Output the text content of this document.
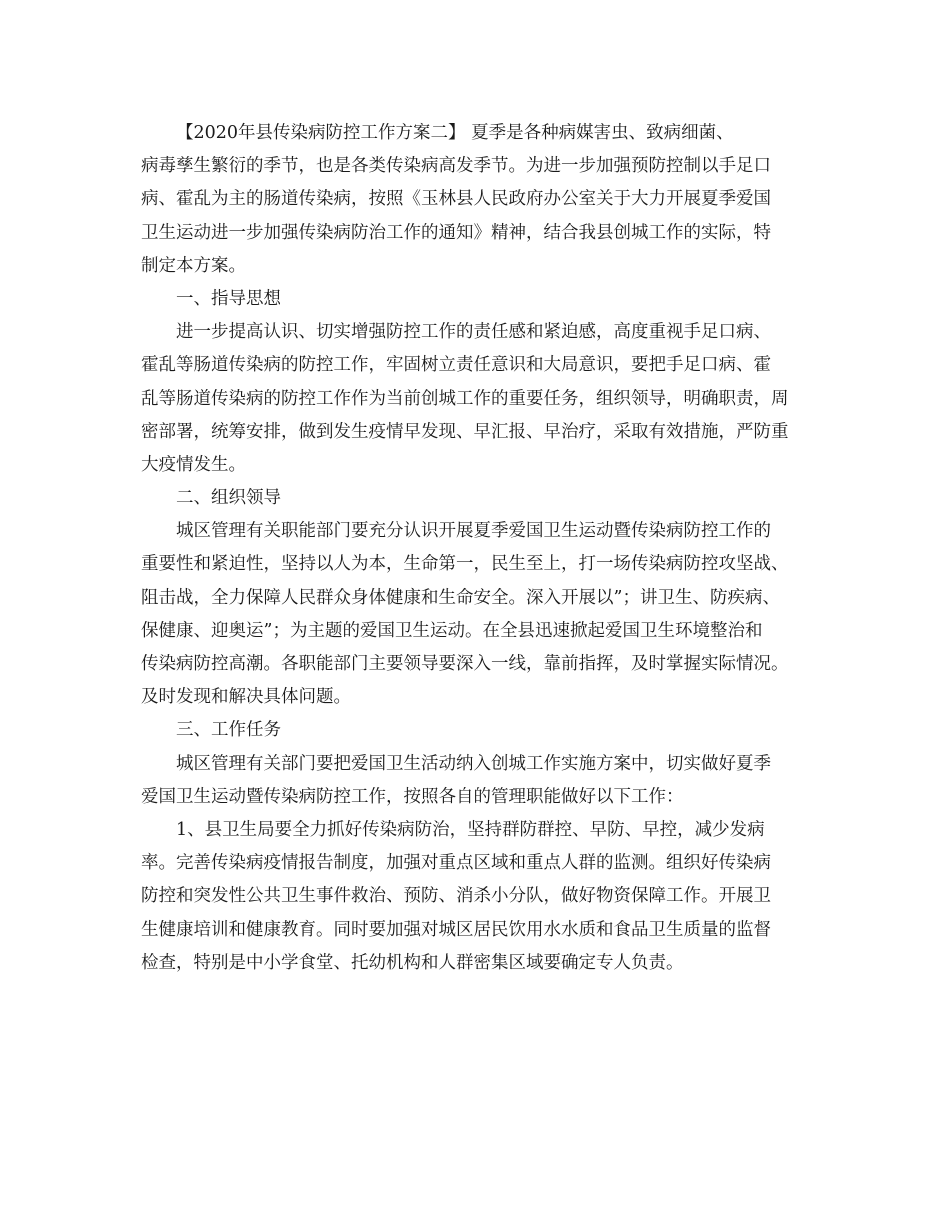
【2020年县传染病防控工作方案二】 夏季是各种病媒害虫、致病细菌、
病毒孳生繁衍的季节，也是各类传染病高发季节。为进一步加强预防控制以手足口
病、霍乱为主的肠道传染病，按照《玉林县人民政府办公室关于大力开展夏季爱国
卫生运动进一步加强传染病防治工作的通知》精神，结合我县创城工作的实际，特
制定本方案。
一、指导思想
进一步提高认识、切实增强防控工作的责任感和紧迫感，高度重视手足口病、
霍乱等肠道传染病的防控工作，牢固树立责任意识和大局意识，要把手足口病、霍
乱等肠道传染病的防控工作作为当前创城工作的重要任务，组织领导，明确职责，周
密部署，统筹安排，做到发生疫情早发现、早汇报、早治疗，采取有效措施，严防重
大疫情发生。
二、组织领导
城区管理有关职能部门要充分认识开展夏季爱国卫生运动暨传染病防控工作的
重要性和紧迫性，坚持以人为本，生命第一，民生至上，打一场传染病防控攻坚战、
阻击战，全力保障人民群众身体健康和生命安全。深入开展以”；讲卫生、防疾病、
保健康、迎奥运”；为主题的爱国卫生运动。在全县迅速掀起爱国卫生环境整治和
传染病防控高潮。各职能部门主要领导要深入一线，靠前指挥，及时掌握实际情况。
及时发现和解决具体问题。
三、工作任务
城区管理有关部门要把爱国卫生活动纳入创城工作实施方案中，切实做好夏季
爱国卫生运动暨传染病防控工作，按照各自的管理职能做好以下工作：
1、县卫生局要全力抓好传染病防治，坚持群防群控、早防、早控，减少发病
率。完善传染病疫情报告制度，加强对重点区域和重点人群的监测。组织好传染病
防控和突发性公共卫生事件救治、预防、消杀小分队，做好物资保障工作。开展卫
生健康培训和健康教育。同时要加强对城区居民饮用水水质和食品卫生质量的监督
检查，特别是中小学食堂、托幼机构和人群密集区域要确定专人负责。
